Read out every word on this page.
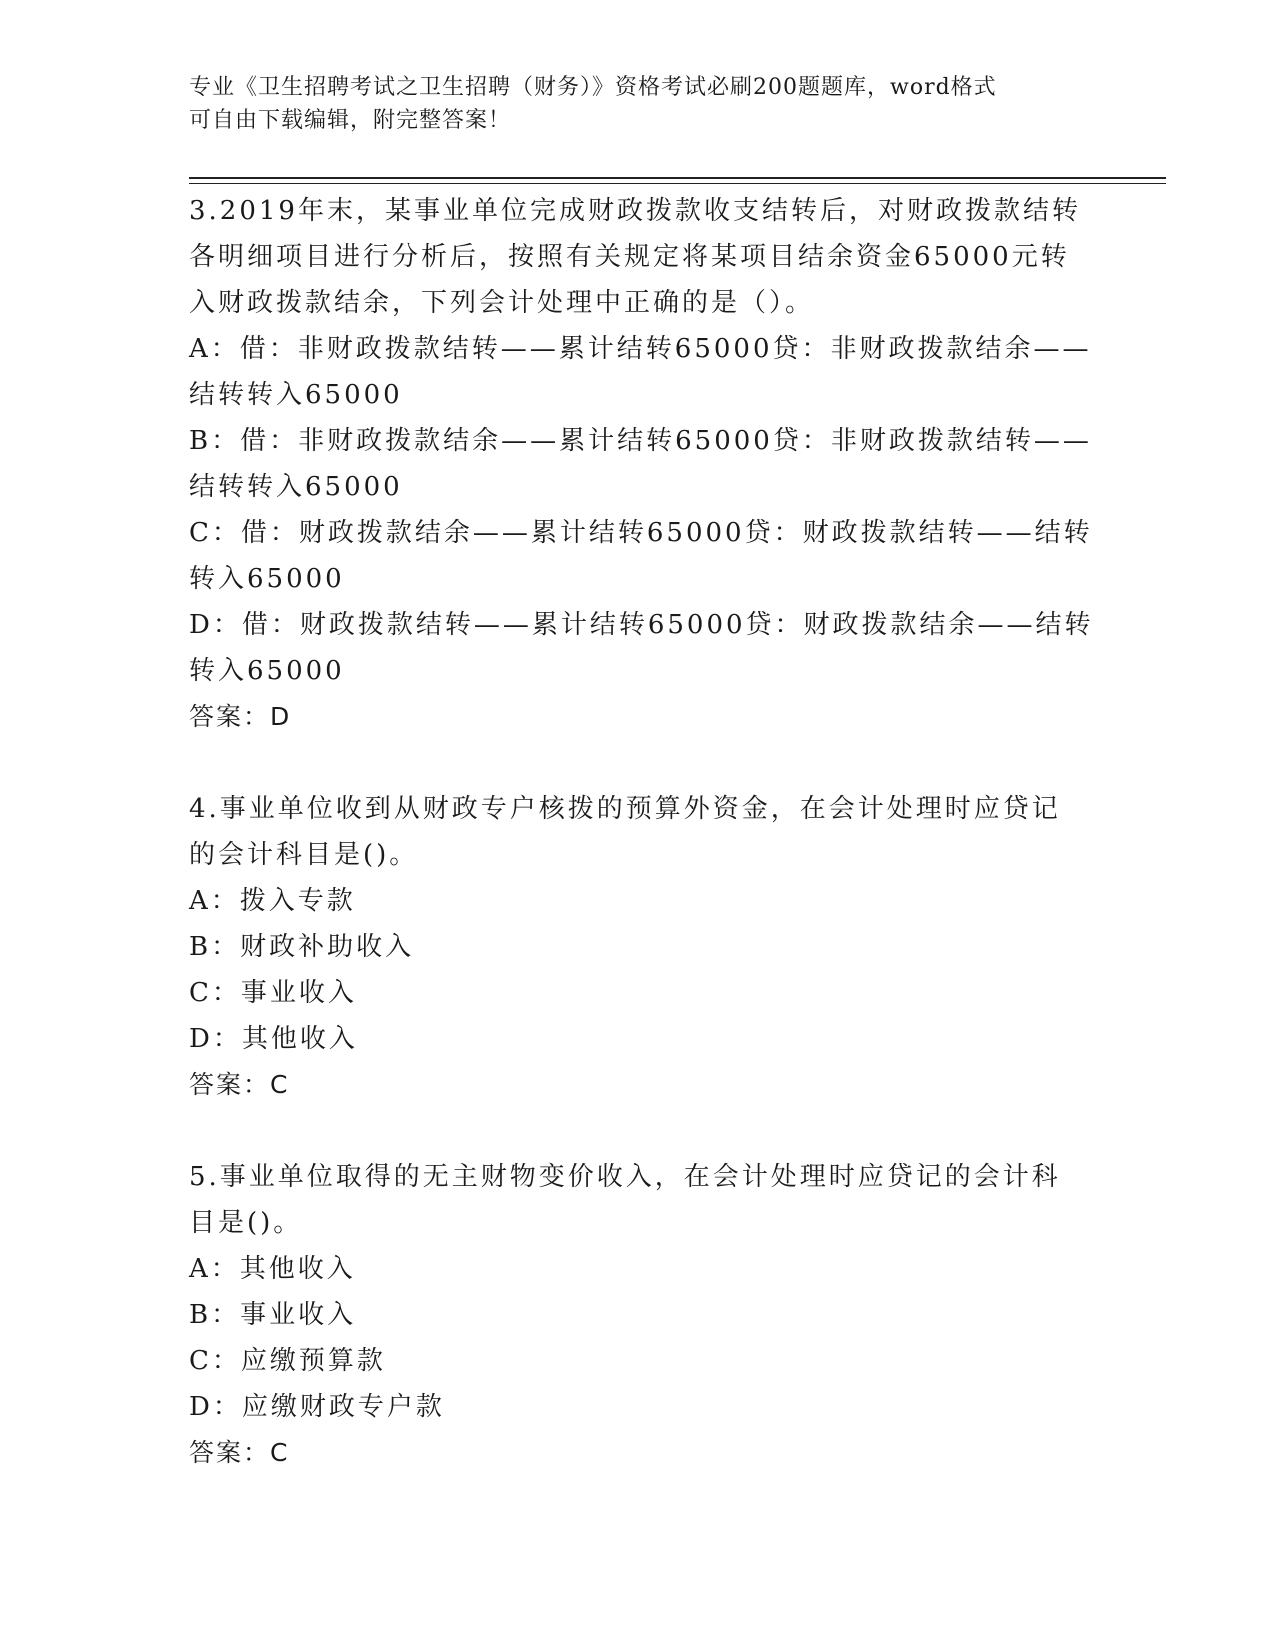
专业《卫生招聘考试之卫生招聘（财务）》资格考试必刷200题题库，word格式
可自由下载编辑，附完整答案！
3.2019年末，某事业单位完成财政拨款收支结转后，对财政拨款结转
各明细项目进行分析后，按照有关规定将某项目结余资金65000元转
入财政拨款结余，下列会计处理中正确的是（）。
A：借：非财政拨款结转——累计结转65000贷：非财政拨款结余——
结转转入65000
B：借：非财政拨款结余——累计结转65000贷：非财政拨款结转——
结转转入65000
C：借：财政拨款结余——累计结转65000贷：财政拨款结转——结转
转入65000
D：借：财政拨款结转——累计结转65000贷：财政拨款结余——结转
转入65000
答案：D
4.事业单位收到从财政专户核拨的预算外资金，在会计处理时应贷记
的会计科目是()。
A：拨入专款
B：财政补助收入
C：事业收入
D：其他收入
答案：C
5.事业单位取得的无主财物变价收入，在会计处理时应贷记的会计科
目是()。
A：其他收入
B：事业收入
C：应缴预算款
D：应缴财政专户款
答案：C
